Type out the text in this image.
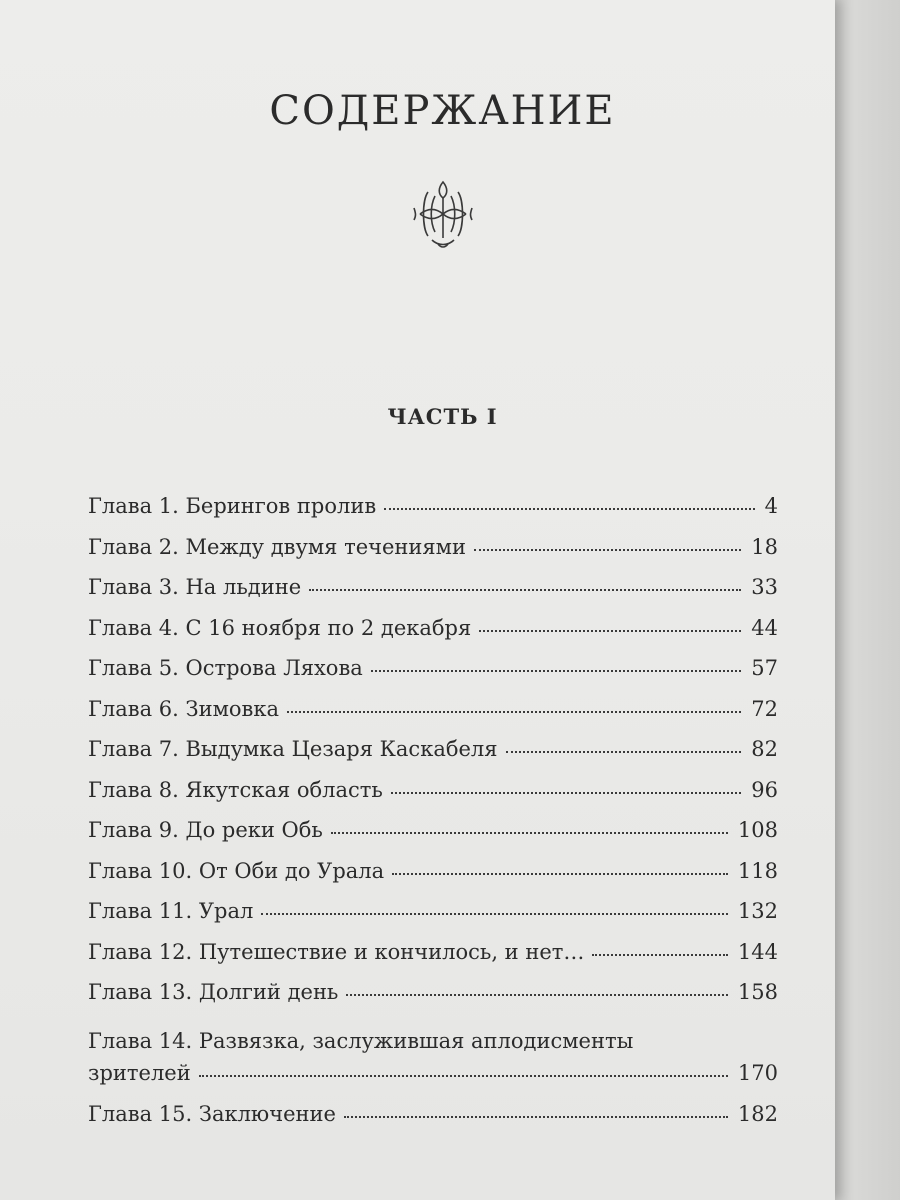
СОДЕРЖАНИЕ
ЧАСТЬ I
Глава 1. Берингов пролив	4
Глава 2. Между двумя течениями	18
Глава 3. На льдине	33
Глава 4. С 16 ноября по 2 декабря	44
Глава 5. Острова Ляхова	57
Глава 6. Зимовка	72
Глава 7. Выдумка Цезаря Каскабеля	82
Глава 8. Якутская область	96
Глава 9. До реки Обь	108
Глава 10. От Оби до Урала	118
Глава 11. Урал	132
Глава 12. Путешествие и кончилось, и нет…	144
Глава 13. Долгий день	158
Глава 14. Развязка, заслужившая аплодисменты
зрителей	170
Глава 15. Заключение	182
